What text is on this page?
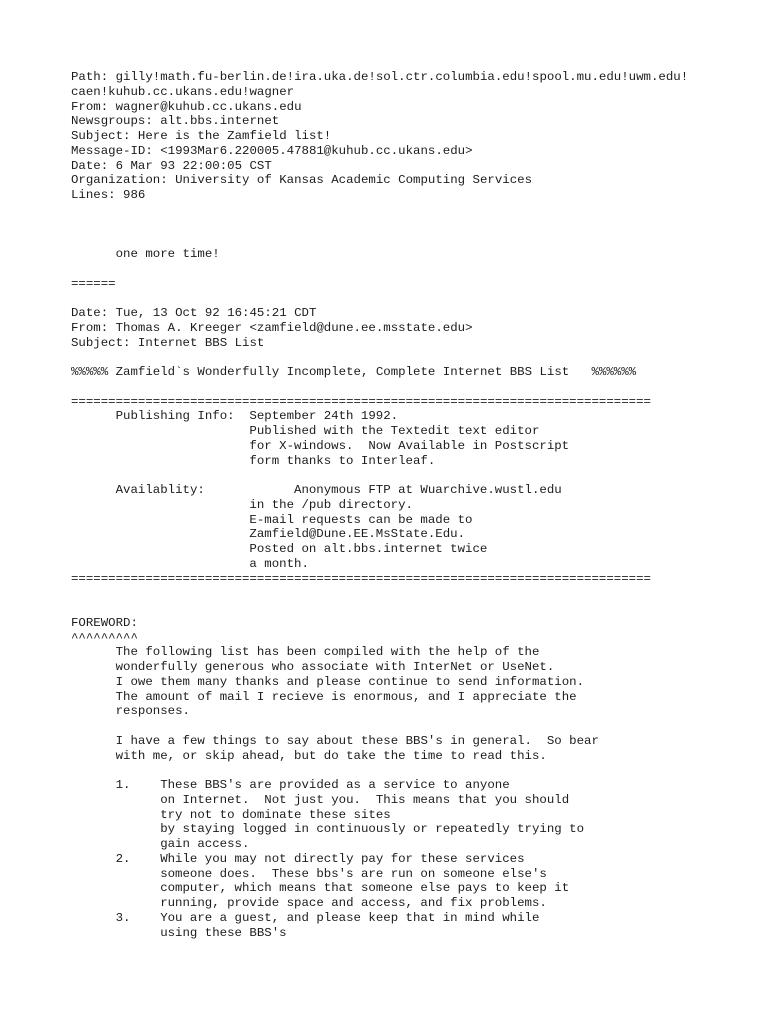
Path: gilly!math.fu-berlin.de!ira.uka.de!sol.ctr.columbia.edu!spool.mu.edu!uwm.edu!
caen!kuhub.cc.ukans.edu!wagner
From: wagner@kuhub.cc.ukans.edu
Newsgroups: alt.bbs.internet
Subject: Here is the Zamfield list!
Message-ID: <1993Mar6.220005.47881@kuhub.cc.ukans.edu>
Date: 6 Mar 93 22:00:05 CST
Organization: University of Kansas Academic Computing Services
Lines: 986
one more time!
======
Date: Tue, 13 Oct 92 16:45:21 CDT
From: Thomas A. Kreeger <zamfield@dune.ee.msstate.edu>
Subject: Internet BBS List
%%%%% Zamfield`s Wonderfully Incomplete, Complete Internet BBS List   %%%%%%
==============================================================================
Publishing Info: September 24th 1992.
Published with the Textedit text editor
for X-windows.  Now Available in Postscript
form thanks to Interleaf.
Availablity:	Anonymous FTP at Wuarchive.wustl.edu
in the /pub directory.
E-mail requests can be made to
Zamfield@Dune.EE.MsState.Edu.
Posted on alt.bbs.internet twice
a month.
==============================================================================
FOREWORD:
^^^^^^^^^
The following list has been compiled with the help of the
wonderfully generous who associate with InterNet or UseNet.
I owe them many thanks and please continue to send information.
The amount of mail I recieve is enormous, and I appreciate the
responses.
I have a few things to say about these BBS's in general.  So bear
with me, or skip ahead, but do take the time to read this.
1. These BBS's are provided as a service to anyone
on Internet.  Not just you.  This means that you should
try not to dominate these sites
by staying logged in continuously or repeatedly trying to
gain access.
2. While you may not directly pay for these services
someone does.  These bbs's are run on someone else's
computer, which means that someone else pays to keep it
running, provide space and access, and fix problems.
3. You are a guest, and please keep that in mind while
using these BBS's
